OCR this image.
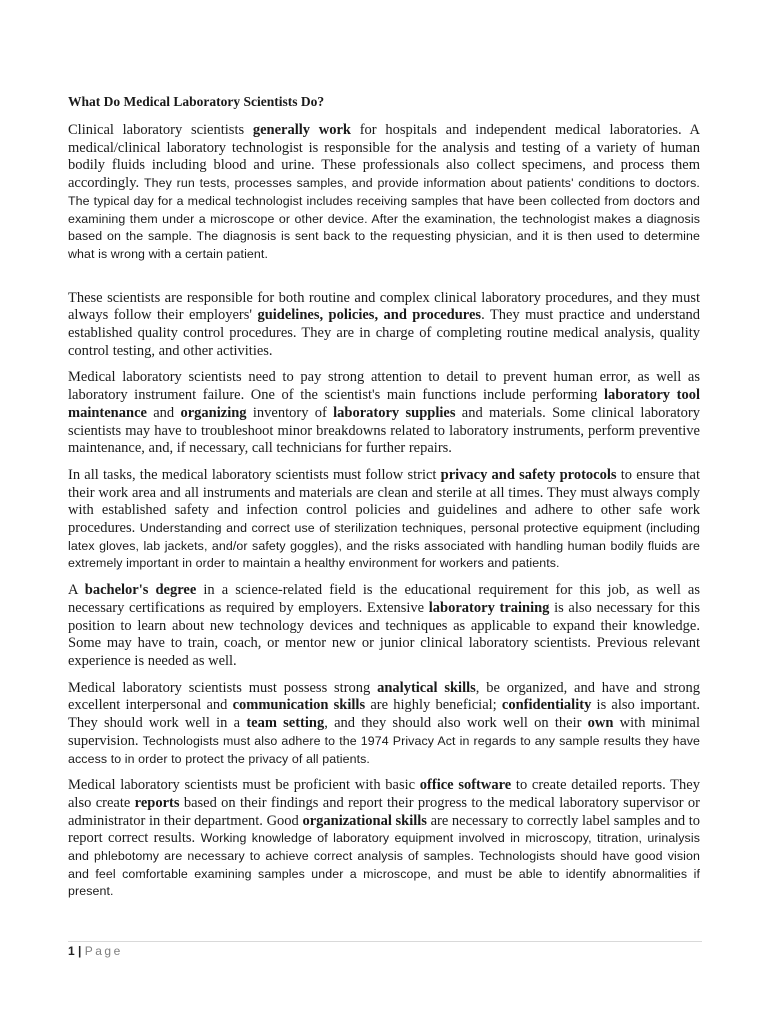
What Do Medical Laboratory Scientists Do?

Clinical laboratory scientists generally work for hospitals and independent medical laboratories. A medical/clinical laboratory technologist is responsible for the analysis and testing of a variety of human bodily fluids including blood and urine. These professionals also collect specimens, and process them accordingly. They run tests, processes samples, and provide information about patients' conditions to doctors. The typical day for a medical technologist includes receiving samples that have been collected from doctors and examining them under a microscope or other device. After the examination, the technologist makes a diagnosis based on the sample. The diagnosis is sent back to the requesting physician, and it is then used to determine what is wrong with a certain patient.

These scientists are responsible for both routine and complex clinical laboratory procedures, and they must always follow their employers' guidelines, policies, and procedures. They must practice and understand established quality control procedures. They are in charge of completing routine medical analysis, quality control testing, and other activities.

Medical laboratory scientists need to pay strong attention to detail to prevent human error, as well as laboratory instrument failure. One of the scientist's main functions include performing laboratory tool maintenance and organizing inventory of laboratory supplies and materials. Some clinical laboratory scientists may have to troubleshoot minor breakdowns related to laboratory instruments, perform preventive maintenance, and, if necessary, call technicians for further repairs.

In all tasks, the medical laboratory scientists must follow strict privacy and safety protocols to ensure that their work area and all instruments and materials are clean and sterile at all times. They must always comply with established safety and infection control policies and guidelines and adhere to other safe work procedures. Understanding and correct use of sterilization techniques, personal protective equipment (including latex gloves, lab jackets, and/or safety goggles), and the risks associated with handling human bodily fluids are extremely important in order to maintain a healthy environment for workers and patients.

A bachelor's degree in a science-related field is the educational requirement for this job, as well as necessary certifications as required by employers. Extensive laboratory training is also necessary for this position to learn about new technology devices and techniques as applicable to expand their knowledge. Some may have to train, coach, or mentor new or junior clinical laboratory scientists. Previous relevant experience is needed as well.

Medical laboratory scientists must possess strong analytical skills, be organized, and have and strong excellent interpersonal and communication skills are highly beneficial; confidentiality is also important. They should work well in a team setting, and they should also work well on their own with minimal supervision. Technologists must also adhere to the 1974 Privacy Act in regards to any sample results they have access to in order to protect the privacy of all patients.

Medical laboratory scientists must be proficient with basic office software to create detailed reports. They also create reports based on their findings and report their progress to the medical laboratory supervisor or administrator in their department. Good organizational skills are necessary to correctly label samples and to report correct results. Working knowledge of laboratory equipment involved in microscopy, titration, urinalysis and phlebotomy are necessary to achieve correct analysis of samples. Technologists should have good vision and feel comfortable examining samples under a microscope, and must be able to identify abnormalities if present.

1 | Page
